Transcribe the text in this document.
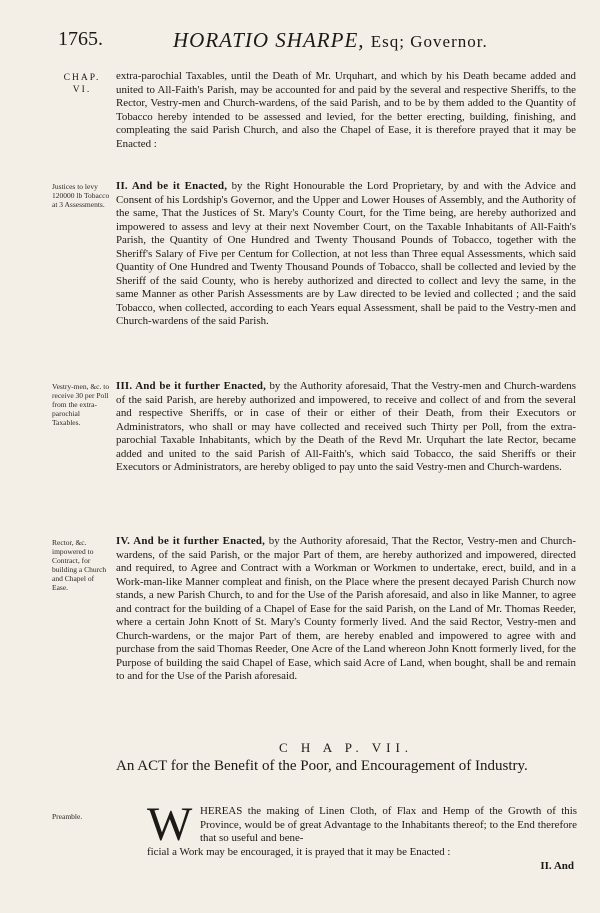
1765.	HORATIO SHARPE, Esq; Governor.
CHAP.
VI.
Justices to levy 120000 lb Tobacco at 3 Assessments.
Vestry-men, &c. to receive 30 per Poll from the extra-parochial Taxables.
Rector, &c. impowered to Contract, for building a Church and Chapel of Ease.
Preamble.

extra-parochial Taxables, until the Death of Mr. Urquhart, and which by his Death became added and united to All-Faith's Parish, may be accounted for and paid by the several and respective Sheriffs, to the Rector, Vestry-men and Church-wardens, of the said Parish, and to be by them added to the Quantity of Tobacco hereby intended to be assessed and levied, for the better erecting, building, finishing, and compleating the said Parish Church, and also the Chapel of Ease, it is therefore prayed that it may be Enacted :

II. And be it Enacted, by the Right Honourable the Lord Proprietary, by and with the Advice and Consent of his Lordship's Governor, and the Upper and Lower Houses of Assembly, and the Authority of the same, That the Justices of St. Mary's County Court, for the Time being, are hereby authorized and impowered to assess and levy at their next November Court, on the Taxable Inhabitants of All-Faith's Parish, the Quantity of One Hundred and Twenty Thousand Pounds of Tobacco, together with the Sheriff's Salary of Five per Centum for Collection, at not less than Three equal Assessments, which said Quantity of One Hundred and Twenty Thousand Pounds of Tobacco, shall be collected and levied by the Sheriff of the said County, who is hereby authorized and directed to collect and levy the same, in the same Manner as other Parish Assessments are by Law directed to be levied and collected ; and the said Tobacco, when collected, according to each Years equal Assessment, shall be paid to the Vestry-men and Church-wardens of the said Parish.

III. And be it further Enacted, by the Authority aforesaid, That the Vestry-men and Church-wardens of the said Parish, are hereby authorized and impowered, to receive and collect of and from the several and respective Sheriffs, or in case of their or either of their Death, from their Executors or Administrators, who shall or may have collected and received such Thirty per Poll, from the extra-parochial Taxable Inhabitants, which by the Death of the Revd Mr. Urquhart the late Rector, became added and united to the said Parish of All-Faith's, which said Tobacco, the said Sheriffs or their Executors or Administrators, are hereby obliged to pay unto the said Vestry-men and Church-wardens.

IV. And be it further Enacted, by the Authority aforesaid, That the Rector, Vestry-men and Church-wardens, of the said Parish, or the major Part of them, are hereby authorized and impowered, directed and required, to Agree and Contract with a Workman or Workmen to undertake, erect, build, and in a Work-man-like Manner compleat and finish, on the Place where the present decayed Parish Church now stands, a new Parish Church, to and for the Use of the Parish aforesaid, and also in like Manner, to agree and contract for the building of a Chapel of Ease for the said Parish, on the Land of Mr. Thomas Reeder, where a certain John Knott of St. Mary's County formerly lived. And the said Rector, Vestry-men and Church-wardens, or the major Part of them, are hereby enabled and impowered to agree with and purchase from the said Thomas Reeder, One Acre of the Land whereon John Knott formerly lived, for the Purpose of building the said Chapel of Ease, which said Acre of Land, when bought, shall be and remain to and for the Use of the Parish aforesaid.

C H A P. VII.
An ACT for the Benefit of the Poor, and Encouragement of Industry.
W HEREAS the making of Linen Cloth, of Flax and Hemp of the Growth of this Province, would be of great Advantage to the Inhabitants thereof; to the End therefore that so useful and bene-
ficial a Work may be encouraged, it is prayed that it may be Enacted :
II. And
